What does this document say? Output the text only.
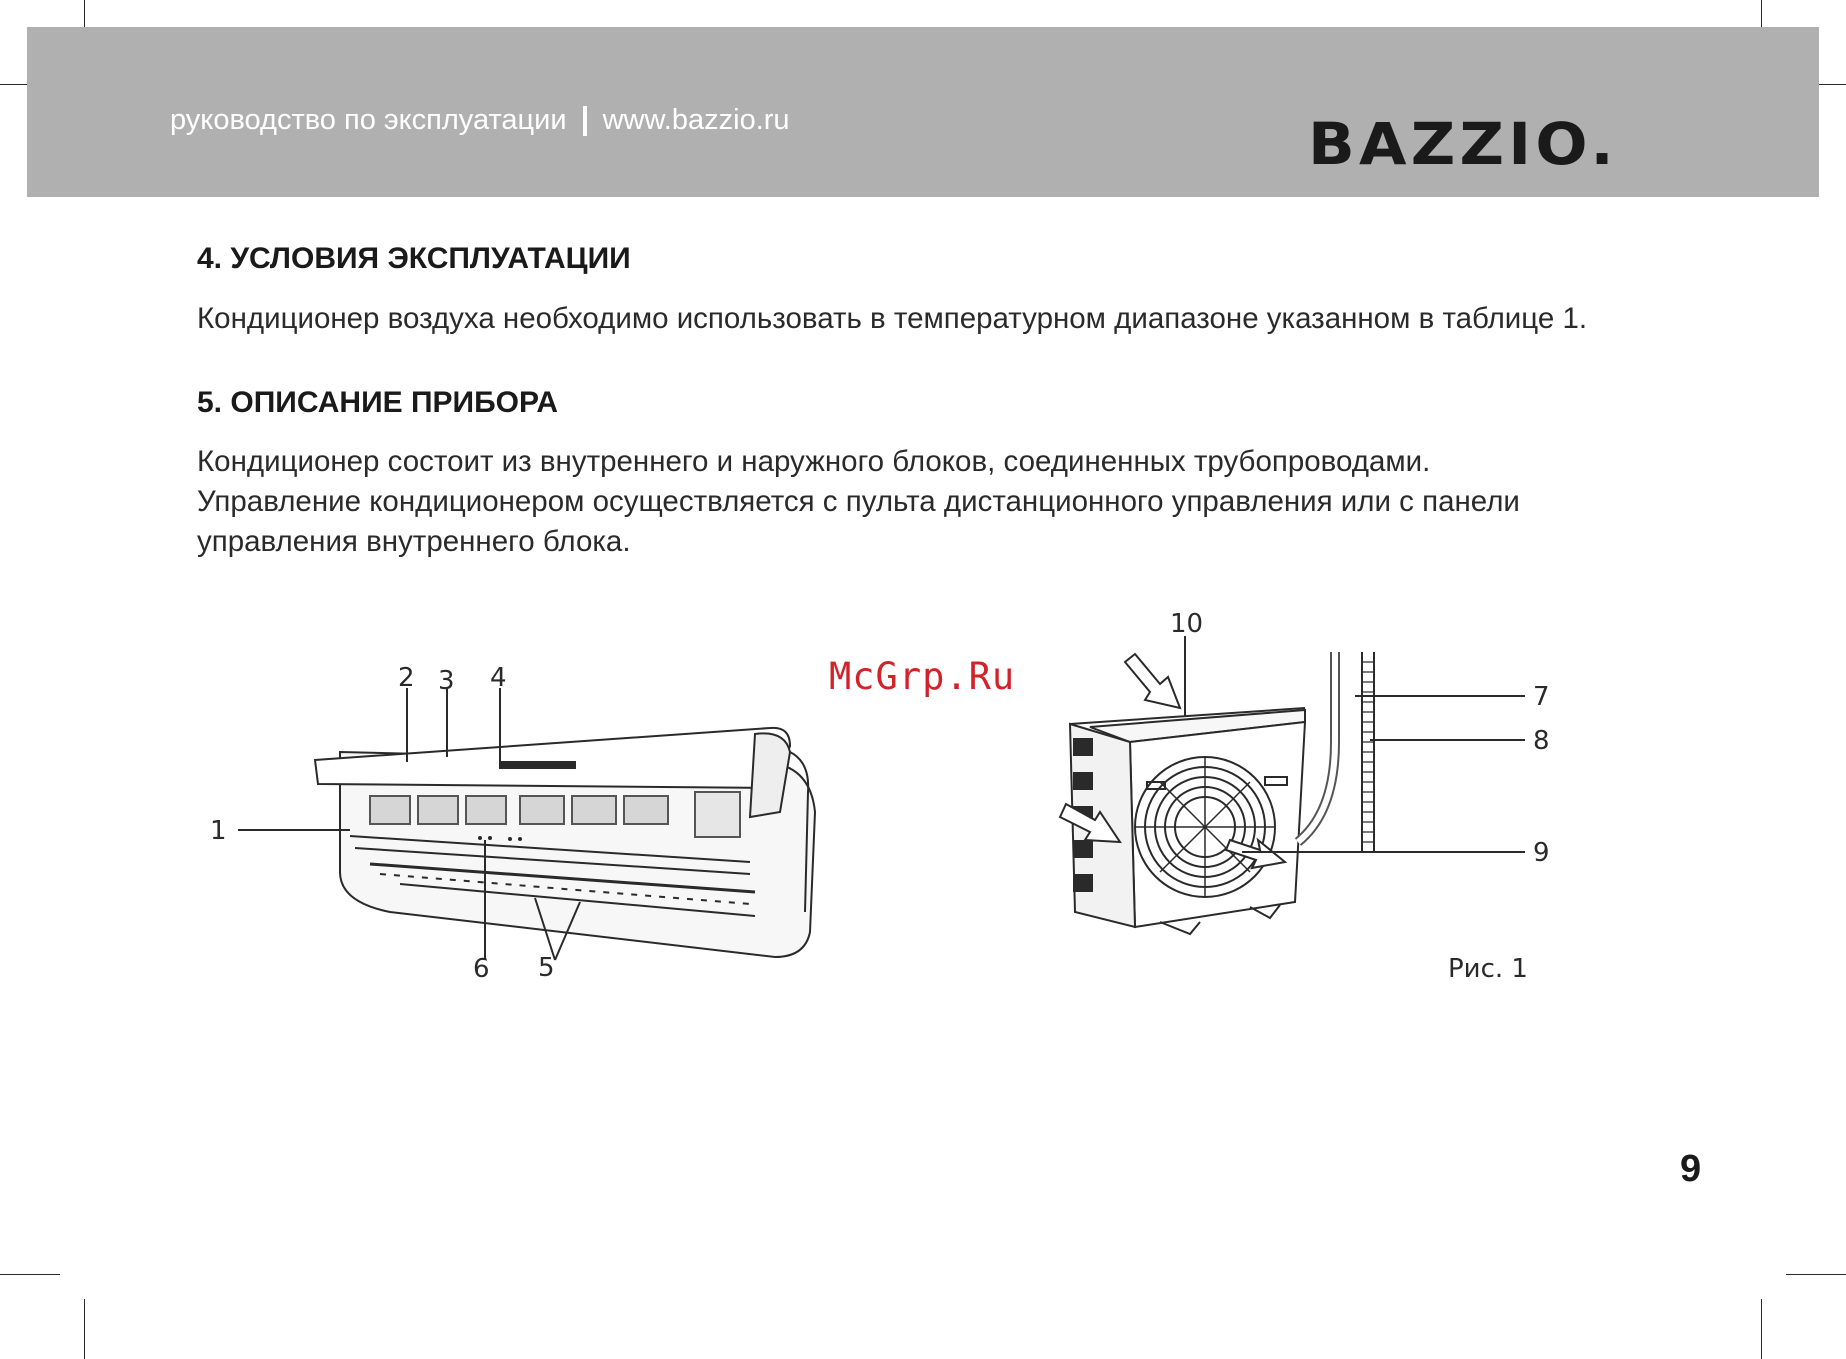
руководство по эксплуатации www.bazzio.ru	BAZZIO.
4. УСЛОВИЯ ЭКСПЛУАТАЦИИ
Кондиционер воздуха необходимо использовать в температурном диапазоне указанном в таблице 1.
5. ОПИСАНИЕ ПРИБОРА
Кондиционер состоит из внутреннего и наружного блоков, соединенных трубопроводами.
Управление кондиционером осуществляется с пульта дистанционного управления или с панели
управления внутреннего блока.
2 3 4
1
6 5
10
7
8
9
Рис. 1
McGrp.Ru
9
